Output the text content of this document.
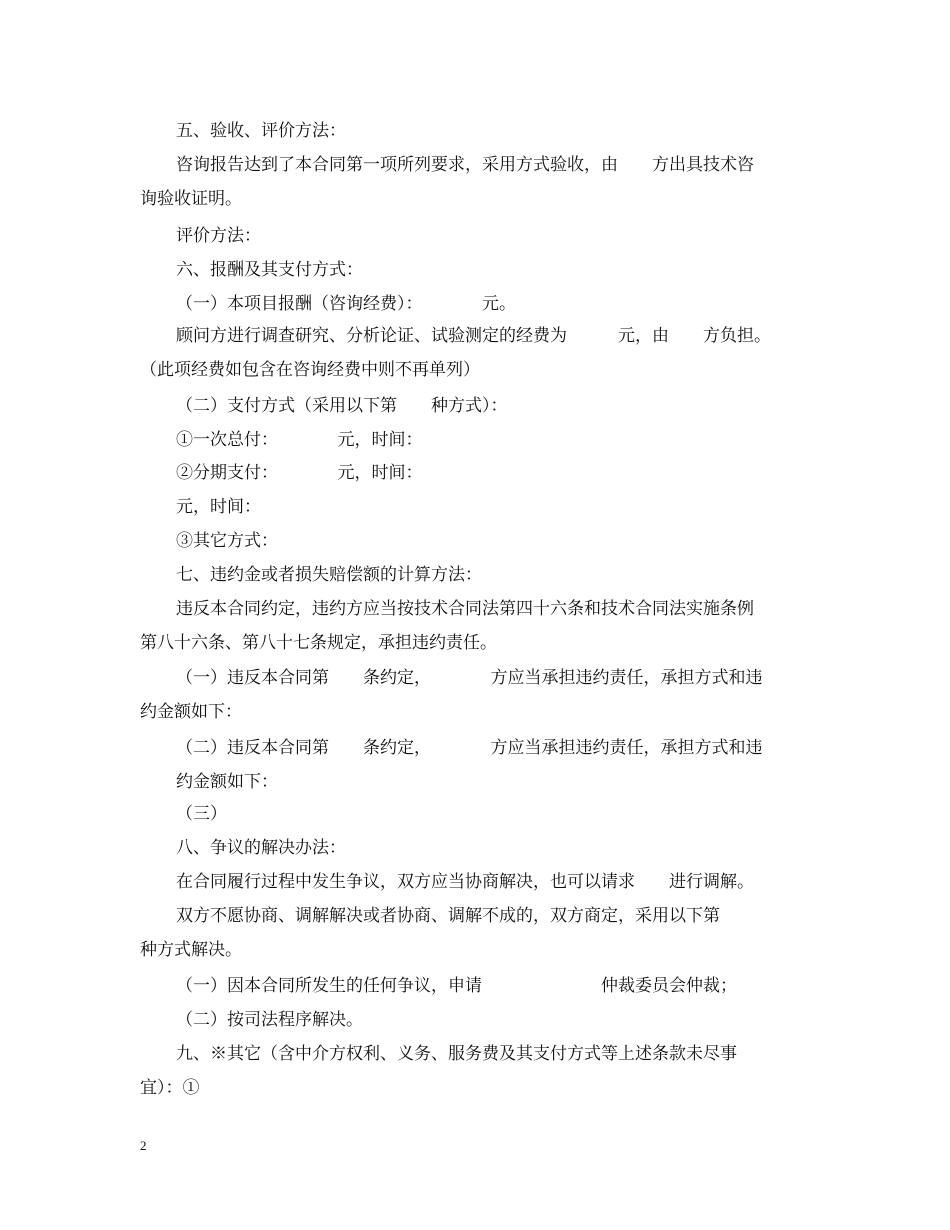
五、验收、评价方法：
咨询报告达到了本合同第一项所列要求，采用方式验收，由　　方出具技术咨
询验收证明。
评价方法：
六、报酬及其支付方式：
（一）本项目报酬（咨询经费）：　　　　元。
顾问方进行调查研究、分析论证、试验测定的经费为　　　元，由　　方负担。
（此项经费如包含在咨询经费中则不再单列）
（二）支付方式（采用以下第　　种方式）：
①一次总付：　　　　元，时间：
②分期支付：　　　　元，时间：
元，时间：
③其它方式：
七、违约金或者损失赔偿额的计算方法：
违反本合同约定，违约方应当按技术合同法第四十六条和技术合同法实施条例
第八十六条、第八十七条规定，承担违约责任。
（一）违反本合同第　　条约定，　　　　方应当承担违约责任，承担方式和违
约金额如下：
（二）违反本合同第　　条约定，　　　　方应当承担违约责任，承担方式和违
约金额如下：
（三）
八、争议的解决办法：
在合同履行过程中发生争议，双方应当协商解决，也可以请求　　进行调解。
双方不愿协商、调解解决或者协商、调解不成的，双方商定，采用以下第
种方式解决。
（一）因本合同所发生的任何争议，申请　　　　　　　仲裁委员会仲裁；
（二）按司法程序解决。
九、※其它（含中介方权利、义务、服务费及其支付方式等上述条款未尽事
宜）：①
2
